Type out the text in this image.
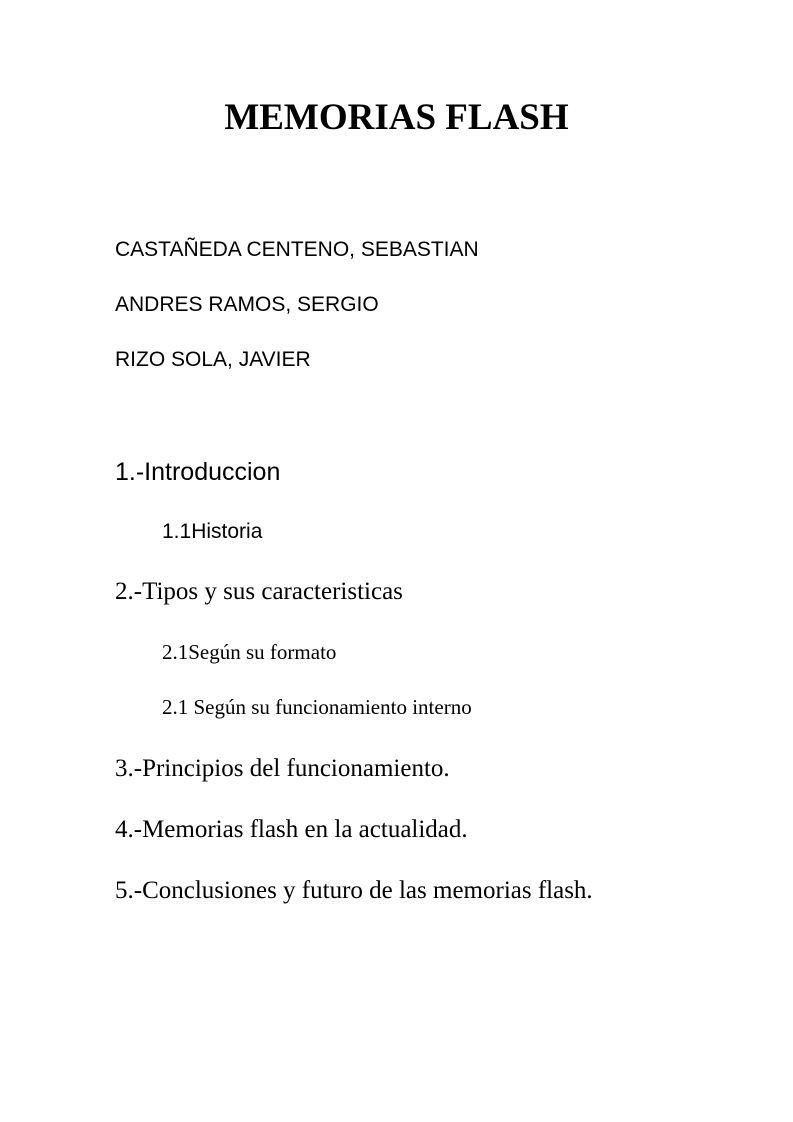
MEMORIAS FLASH

CASTAÑEDA CENTENO, SEBASTIAN

ANDRES RAMOS, SERGIO

RIZO SOLA, JAVIER

1.-Introduccion

1.1Historia

2.-Tipos y sus caracteristicas

2.1Según su formato

2.1 Según su funcionamiento interno

3.-Principios del funcionamiento.

4.-Memorias flash en la actualidad.

5.-Conclusiones y futuro de las memorias flash.
